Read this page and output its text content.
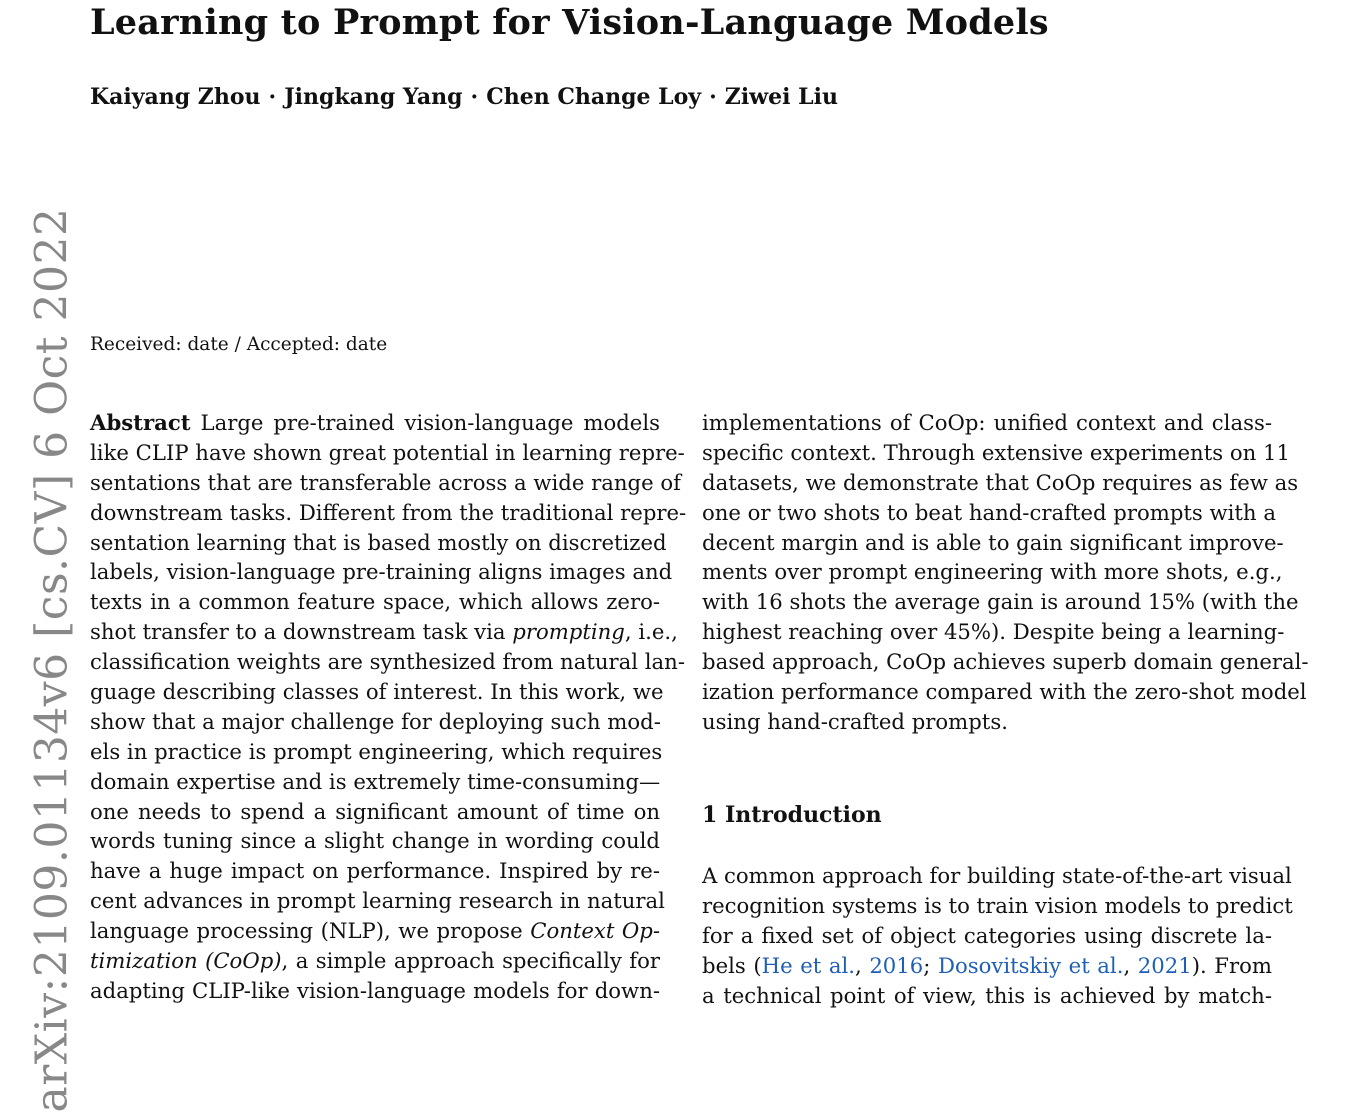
arXiv:2109.01134v6 [cs.CV] 6 Oct 2022
Learning to Prompt for Vision-Language Models
Kaiyang Zhou · Jingkang Yang · Chen Change Loy · Ziwei Liu
Received: date / Accepted: date
Abstract Large pre-trained vision-language models
like CLIP have shown great potential in learning repre-
sentations that are transferable across a wide range of
downstream tasks. Different from the traditional repre-
sentation learning that is based mostly on discretized
labels, vision-language pre-training aligns images and
texts in a common feature space, which allows zero-
shot transfer to a downstream task via prompting, i.e.,
classification weights are synthesized from natural lan-
guage describing classes of interest. In this work, we
show that a major challenge for deploying such mod-
els in practice is prompt engineering, which requires
domain expertise and is extremely time-consuming—
one needs to spend a significant amount of time on
words tuning since a slight change in wording could
have a huge impact on performance. Inspired by re-
cent advances in prompt learning research in natural
language processing (NLP), we propose Context Op-
timization (CoOp), a simple approach specifically for
adapting CLIP-like vision-language models for down-
implementations of CoOp: unified context and class-
specific context. Through extensive experiments on 11
datasets, we demonstrate that CoOp requires as few as
one or two shots to beat hand-crafted prompts with a
decent margin and is able to gain significant improve-
ments over prompt engineering with more shots, e.g.,
with 16 shots the average gain is around 15% (with the
highest reaching over 45%). Despite being a learning-
based approach, CoOp achieves superb domain general-
ization performance compared with the zero-shot model
using hand-crafted prompts.
1 Introduction
A common approach for building state-of-the-art visual
recognition systems is to train vision models to predict
for a fixed set of object categories using discrete la-
bels (He et al., 2016; Dosovitskiy et al., 2021). From
a technical point of view, this is achieved by match-
